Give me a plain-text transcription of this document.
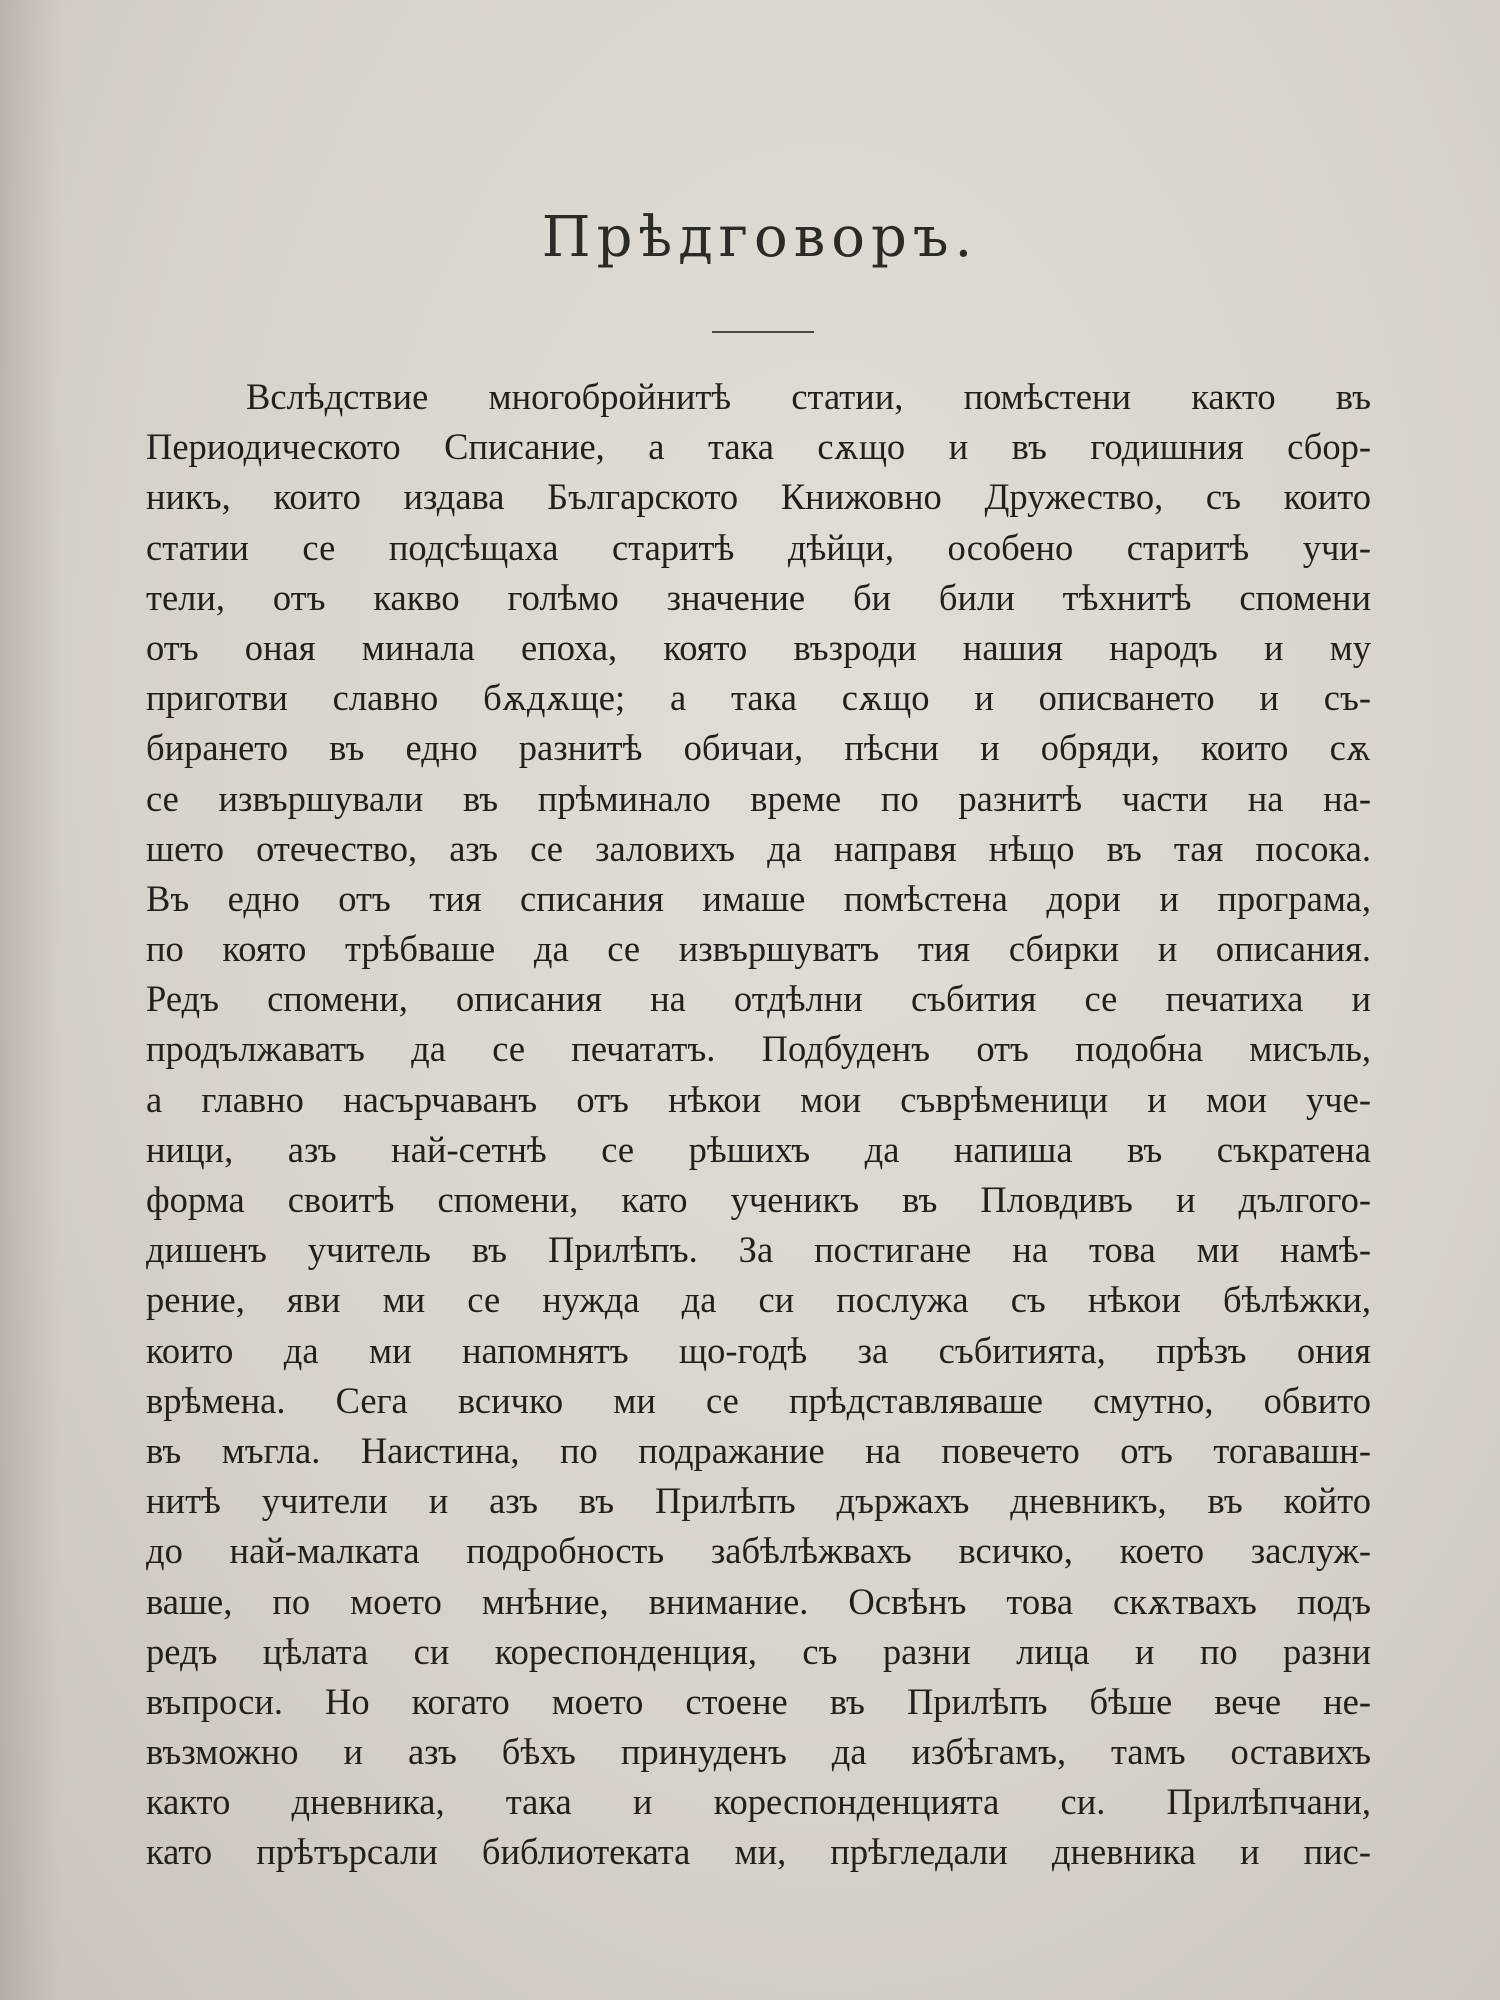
Прѣдговоръ.
Вслѣдствие многобройнитѣ статии, помѣстени както въ
Периодическото Списание, а така сѫщо и въ годишния сбор-
никъ, които издава Българското Книжовно Дружество, съ които
статии се подсѣщаха старитѣ дѣйци, особено старитѣ учи-
тели, отъ какво голѣмо значение би били тѣхнитѣ спомени
отъ оная минала епоха, която възроди нашия народъ и му
приготви славно бѫдѫще; а така сѫщо и описването и съ-
бирането въ едно разнитѣ обичаи, пѣсни и обряди, които сѫ
се извършували въ прѣминало време по разнитѣ части на на-
шето отечество, азъ се заловихъ да направя нѣщо въ тая посока.
Въ едно отъ тия списания имаше помѣстена дори и програма,
по която трѣбваше да се извършуватъ тия сбирки и описания.
Редъ спомени, описания на отдѣлни събития се печатиха и
продължаватъ да се печататъ. Подбуденъ отъ подобна мисъль,
а главно насърчаванъ отъ нѣкои мои съврѣменици и мои уче-
ници, азъ най-сетнѣ се рѣшихъ да напиша въ съкратена
форма своитѣ спомени, като ученикъ въ Пловдивъ и дългого-
дишенъ учитель въ Прилѣпъ. За постигане на това ми намѣ-
рение, яви ми се нужда да си послужа съ нѣкои бѣлѣжки,
които да ми напомнятъ що-годѣ за събитията, прѣзъ ония
врѣмена. Сега всичко ми се прѣдставляваше смутно, обвито
въ мъгла. Наистина, по подражание на повечето отъ тогавашн-
нитѣ учители и азъ въ Прилѣпъ държахъ дневникъ, въ който
до най-малката подробность забѣлѣжвахъ всичко, което заслуж-
ваше, по моето мнѣние, внимание. Освѣнъ това скѫтвахъ подъ
редъ цѣлата си кореспонденция, съ разни лица и по разни
въпроси. Но когато моето стоене въ Прилѣпъ бѣше вече не-
възможно и азъ бѣхъ принуденъ да избѣгамъ, тамъ оставихъ
както дневника, така и кореспонденцията си. Прилѣпчани,
като прѣтърсали библиотеката ми, прѣгледали дневника и пис-
